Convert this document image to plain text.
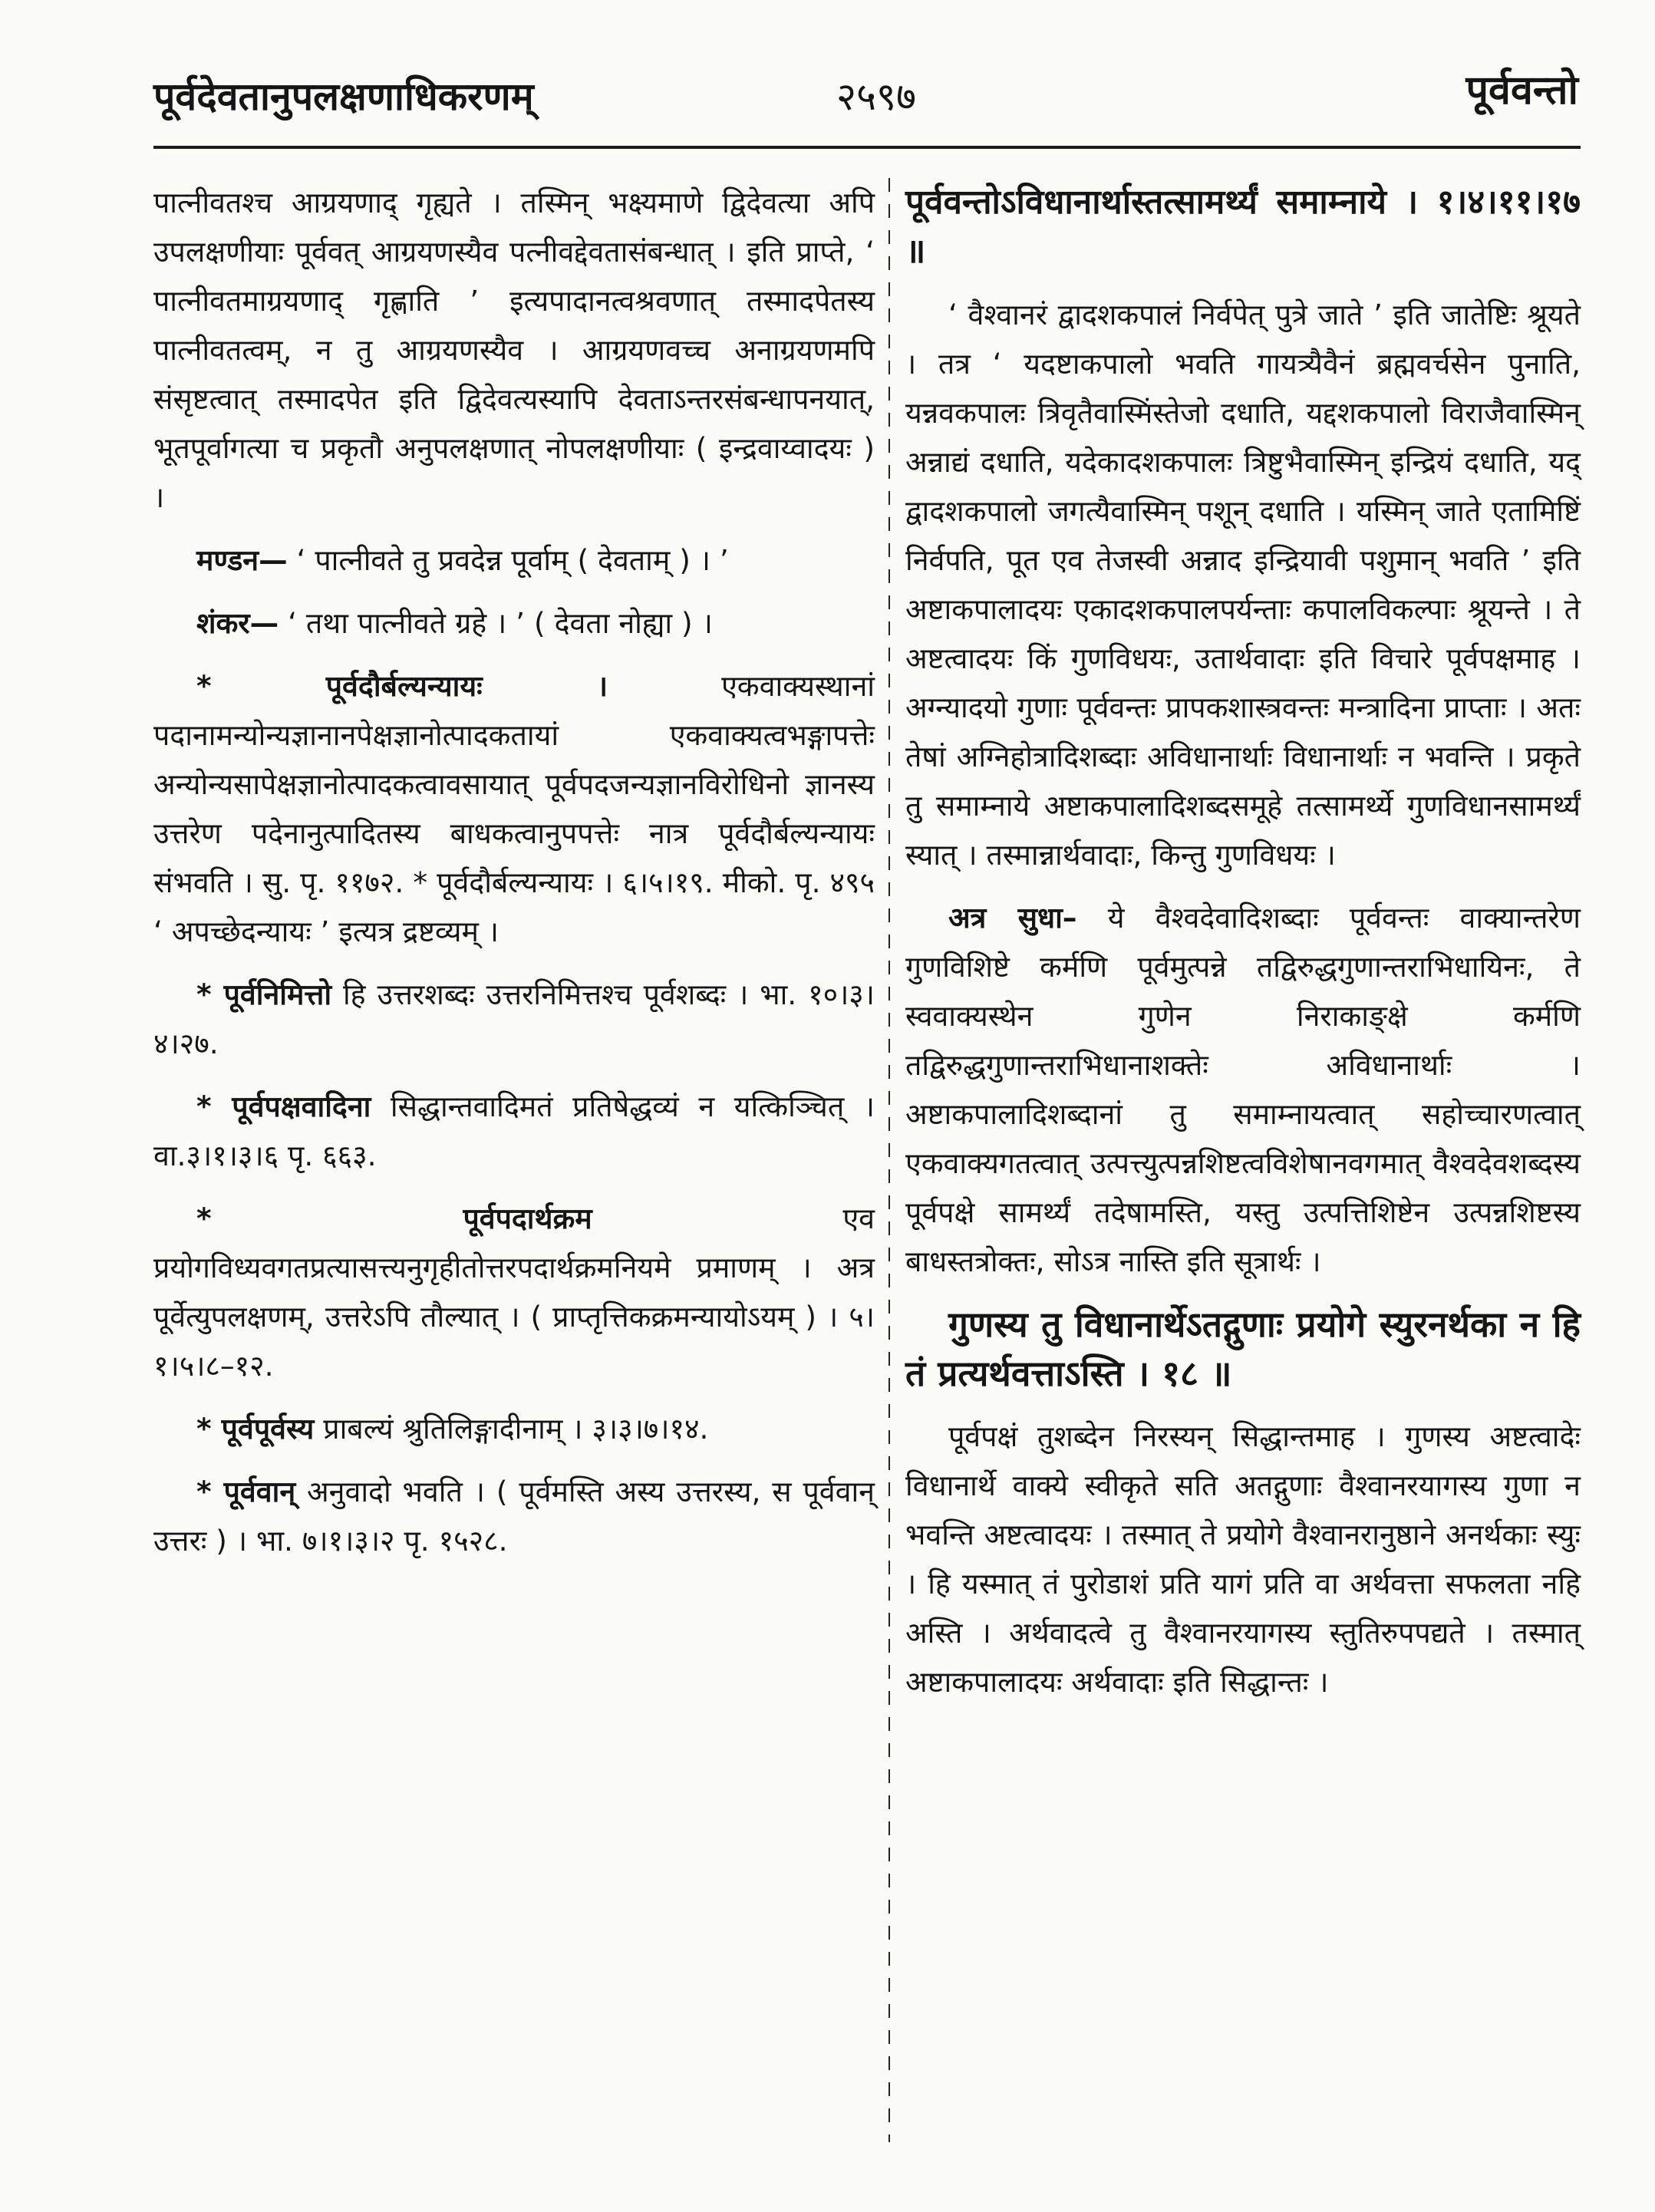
पूर्वदेवतानुपलक्षणाधिकरणम्	२५९७	पूर्ववन्तो

पात्नीवतश्च आग्रयणाद् गृह्यते । तस्मिन् भक्ष्यमाणे द्विदेवत्या अपि उपलक्षणीयाः पूर्ववत् आग्रयणस्यैव पत्नीवद्देवतासंबन्धात् । इति प्राप्ते, ‘ पात्नीवतमाग्रयणाद् गृह्णाति ’ इत्यपादानत्वश्रवणात् तस्मादपेतस्य पात्नीवतत्वम्, न तु आग्रयणस्यैव । आग्रयणवच्च अनाग्रयणमपि संसृष्टत्वात् तस्मादपेत इति द्विदेवत्यस्यापि देवताऽन्तरसंबन्धापनयात्, भूतपूर्वागत्या च प्रकृतौ अनुपलक्षणात् नोपलक्षणीयाः ( इन्द्रवाय्वादयः ) ।

मण्डन— ‘ पात्नीवते तु प्रवदेन्न पूर्वाम् ( देवताम् ) । ’

शंकर— ‘ तथा पात्नीवते ग्रहे । ’ ( देवता नोह्या ) ।

* पूर्वदौर्बल्यन्यायः ।	एकवाक्यस्थानां पदानामन्योन्यज्ञानानपेक्षज्ञानोत्पादकतायां एकवाक्यत्वभङ्गापत्तेः अन्योन्यसापेक्षज्ञानोत्पादकत्वावसायात् पूर्वपदजन्यज्ञानविरोधिनो ज्ञानस्य उत्तरेण पदेनानुत्पादितस्य बाधकत्वानुपपत्तेः नात्र पूर्वदौर्बल्यन्यायः संभवति । सु. पृ. ११७२. * पूर्वदौर्बल्यन्यायः । ६।५।१९. मीको. पृ. ४९५ ‘ अपच्छेदन्यायः ’ इत्यत्र द्रष्टव्यम् ।

* पूर्वनिमित्तो हि उत्तरशब्दः उत्तरनिमित्तश्च पूर्वशब्दः । भा. १०।३।४।२७.

* पूर्वपक्षवादिना सिद्धान्तवादिमतं प्रतिषेद्धव्यं न यत्किञ्चित् । वा.३।१।३।६ पृ. ६६३.

* पूर्वपदार्थक्रम	एव प्रयोगविध्यवगतप्रत्यासत्त्यनुगृहीतोत्तरपदार्थक्रमनियमे प्रमाणम् । अत्र पूर्वेत्युपलक्षणम्, उत्तरेऽपि तौल्यात् । ( प्राप्तृत्तिकक्रमन्यायोऽयम् ) । ५।१।५।८–१२.

* पूर्वपूर्वस्य प्राबल्यं श्रुतिलिङ्गादीनाम् । ३।३।७।१४.

* पूर्ववान् अनुवादो भवति । ( पूर्वमस्ति अस्य उत्तरस्य, स पूर्ववान् उत्तरः ) । भा. ७।१।३।२ पृ. १५२८.

पूर्ववन्तोऽविधानार्थास्तत्सामर्थ्यं समाम्नाये । १।४।११।१७ ॥

‘ वैश्वानरं द्वादशकपालं निर्वपेत् पुत्रे जाते ’ इति जातेष्टिः श्रूयते । तत्र ‘ यदष्टाकपालो भवति गायत्र्यैवैनं ब्रह्मवर्चसेन पुनाति, यन्नवकपालः त्रिवृतैवास्मिंस्तेजो दधाति, यद्दशकपालो विराजैवास्मिन् अन्नाद्यं दधाति, यदेकादशकपालः त्रिष्टुभैवास्मिन् इन्द्रियं दधाति, यद् द्वादशकपालो जगत्यैवास्मिन् पशून् दधाति । यस्मिन् जाते एतामिष्टिं निर्वपति, पूत एव तेजस्वी अन्नाद इन्द्रियावी पशुमान् भवति ’ इति अष्टाकपालादयः एकादशकपालपर्यन्ताः कपालविकल्पाः श्रूयन्ते । ते अष्टत्वादयः किं गुणविधयः, उतार्थवादाः इति विचारे पूर्वपक्षमाह । अग्न्यादयो गुणाः पूर्ववन्तः प्रापकशास्त्रवन्तः मन्त्रादिना प्राप्ताः । अतः तेषां अग्निहोत्रादिशब्दाः अविधानार्थाः विधानार्थाः न भवन्ति । प्रकृते तु समाम्नाये अष्टाकपालादिशब्दसमूहे तत्सामर्थ्ये गुणविधानसामर्थ्यं स्यात् । तस्मान्नार्थवादाः, किन्तु गुणविधयः ।

अत्र सुधा– ये वैश्वदेवादिशब्दाः पूर्ववन्तः वाक्यान्तरेण गुणविशिष्टे कर्मणि पूर्वमुत्पन्ने तद्विरुद्धगुणान्तराभिधायिनः, ते स्ववाक्यस्थेन गुणेन निराकाङ्क्षे कर्मणि तद्विरुद्धगुणान्तराभिधानाशक्तेः अविधानार्थाः । अष्टाकपालादिशब्दानां तु समाम्नायत्वात् सहोच्चारणत्वात् एकवाक्यगतत्वात् उत्पत्त्युत्पन्नशिष्टत्वविशेषानवगमात् वैश्वदेवशब्दस्य पूर्वपक्षे सामर्थ्यं तदेषामस्ति, यस्तु उत्पत्तिशिष्टेन उत्पन्नशिष्टस्य बाधस्तत्रोक्तः, सोऽत्र नास्ति इति सूत्रार्थः ।

गुणस्य तु विधानार्थेऽतद्गुणाः प्रयोगे स्युरनर्थका न हि तं प्रत्यर्थवत्ताऽस्ति । १८ ॥

पूर्वपक्षं तुशब्देन निरस्यन् सिद्धान्तमाह । गुणस्य अष्टत्वादेः विधानार्थे वाक्ये स्वीकृते सति अतद्गुणाः वैश्वानरयागस्य गुणा न भवन्ति अष्टत्वादयः । तस्मात् ते प्रयोगे वैश्वानरानुष्ठाने अनर्थकाः स्युः । हि यस्मात् तं पुरोडाशं प्रति यागं प्रति वा अर्थवत्ता सफलता नहि अस्ति । अर्थवादत्वे तु वैश्वानरयागस्य स्तुतिरुपपद्यते । तस्मात् अष्टाकपालादयः अर्थवादाः इति सिद्धान्तः ।
